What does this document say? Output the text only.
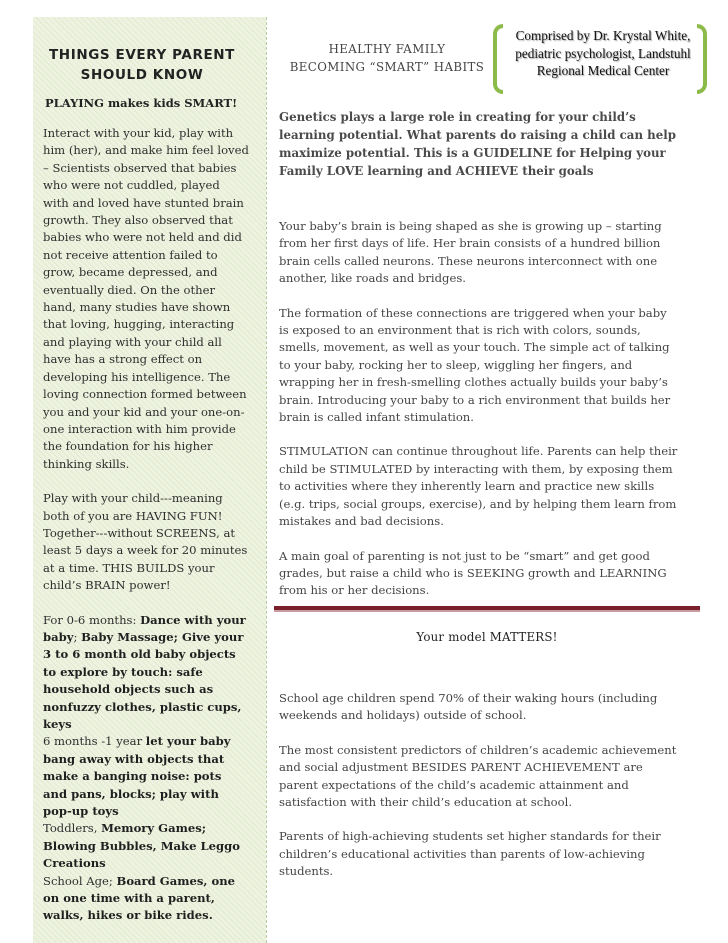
THINGS EVERY PARENT
SHOULD KNOW
PLAYING makes kids SMART!

Interact with your kid, play with him (her), and make him feel loved – Scientists observed that babies who were not cuddled, played with and loved have stunted brain growth. They also observed that babies who were not held and did not receive attention failed to grow, became depressed, and eventually died. On the other hand, many studies have shown that loving, hugging, interacting and playing with your child all have has a strong effect on developing his intelligence. The loving connection formed between you and your kid and your one-on-one interaction with him provide the foundation for his higher thinking skills.

Play with your child---meaning both of you are HAVING FUN! Together---without SCREENS, at least 5 days a week for 20 minutes at a time. THIS BUILDS your child’s BRAIN power!

For 0-6 months: Dance with your baby; Baby Massage; Give your 3 to 6 month old baby objects to explore by touch: safe household objects such as nonfuzzy clothes, plastic cups, keys
6 months -1 year let your baby bang away with objects that make a banging noise: pots and pans, blocks; play with pop-up toys
Toddlers, Memory Games; Blowing Bubbles, Make Leggo Creations
School Age; Board Games, one on one time with a parent, walks, hikes or bike rides.

HEALTHY FAMILY
BECOMING “SMART” HABITS
Comprised by Dr. Krystal White,
pediatric psychologist, Landstuhl
Regional Medical Center

Genetics plays a large role in creating for your child’s learning potential. What parents do raising a child can help maximize potential. This is a GUIDELINE for Helping your Family LOVE learning and ACHIEVE their goals

Your baby’s brain is being shaped as she is growing up – starting from her first days of life. Her brain consists of a hundred billion brain cells called neurons. These neurons interconnect with one another, like roads and bridges.

The formation of these connections are triggered when your baby is exposed to an environment that is rich with colors, sounds, smells, movement, as well as your touch. The simple act of talking to your baby, rocking her to sleep, wiggling her fingers, and wrapping her in fresh-smelling clothes actually builds your baby’s brain. Introducing your baby to a rich environment that builds her brain is called infant stimulation.

STIMULATION can continue throughout life. Parents can help their child be STIMULATED by interacting with them, by exposing them to activities where they inherently learn and practice new skills (e.g. trips, social groups, exercise), and by helping them learn from mistakes and bad decisions.

A main goal of parenting is not just to be “smart” and get good grades, but raise a child who is SEEKING growth and LEARNING from his or her decisions.

Your model MATTERS!

School age children spend 70% of their waking hours (including weekends and holidays) outside of school.

The most consistent predictors of children’s academic achievement and social adjustment BESIDES PARENT ACHIEVEMENT are parent expectations of the child’s academic attainment and satisfaction with their child’s education at school.

Parents of high-achieving students set higher standards for their children’s educational activities than parents of low-achieving students.
